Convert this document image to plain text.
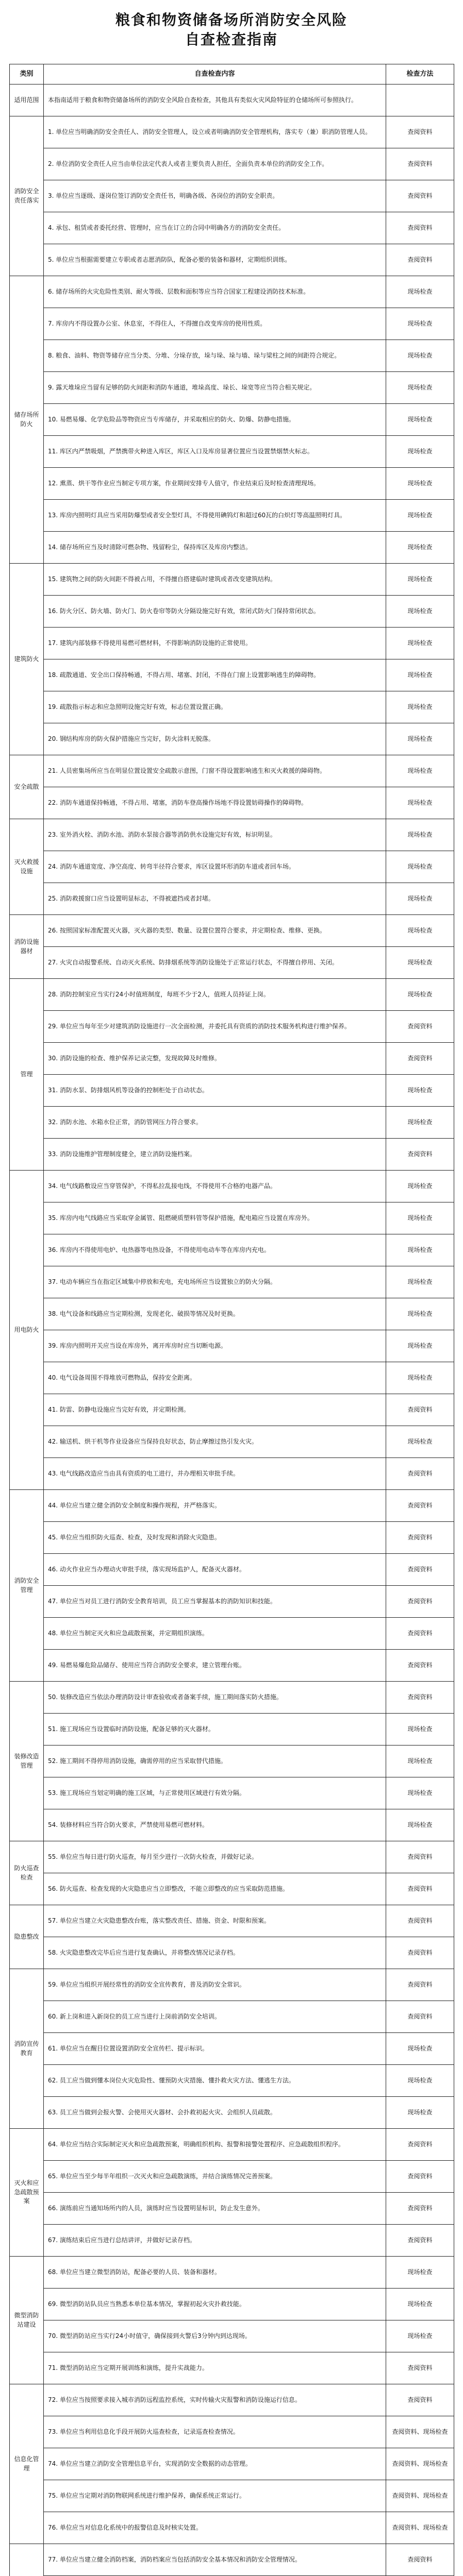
粮食和物资储备场所消防安全风险
自查检查指南
类别	自查检查内容	检查方法
适用范围	本指南适用于粮食和物资储备场所的消防安全风险自查检查，其他具有类似火灾风险特征的仓储场所可参照执行。	
消防安全责任落实	1. 单位应当明确消防安全责任人、消防安全管理人，设立或者明确消防安全管理机构，落实专（兼）职消防管理人员。	查阅资料
	2. 单位消防安全责任人应当由单位法定代表人或者主要负责人担任，全面负责本单位的消防安全工作。	查阅资料
	3. 单位应当逐级、逐岗位签订消防安全责任书，明确各级、各岗位的消防安全职责。	查阅资料
	4. 承包、租赁或者委托经营、管理时，应当在订立的合同中明确各方的消防安全责任。	查阅资料
	5. 单位应当根据需要建立专职或者志愿消防队，配备必要的装备和器材，定期组织训练。	查阅资料
储存场所防火	6. 储存场所的火灾危险性类别、耐火等级、层数和面积等应当符合国家工程建设消防技术标准。	现场检查
	7. 库房内不得设置办公室、休息室，不得住人，不得擅自改变库房的使用性质。	现场检查
	8. 粮食、油料、物资等储存应当分类、分堆、分垛存放，垛与垛、垛与墙、垛与梁柱之间的间距符合规定。	现场检查
	9. 露天堆垛应当留有足够的防火间距和消防车通道，堆垛高度、垛长、垛宽等应当符合相关规定。	现场检查
	10. 易燃易爆、化学危险品等物资应当专库储存，并采取相应的防火、防爆、防静电措施。	现场检查
	11. 库区内严禁吸烟，严禁携带火种进入库区，库区入口及库房显著位置应当设置禁烟禁火标志。	现场检查
	12. 熏蒸、烘干等作业应当制定专项方案，作业期间安排专人值守，作业结束后及时检查清理现场。	现场检查
	13. 库房内照明灯具应当采用防爆型或者安全型灯具，不得使用碘钨灯和超过60瓦的白炽灯等高温照明灯具。	现场检查
	14. 储存场所应当及时清除可燃杂物、残留粉尘，保持库区及库房内整洁。	现场检查
建筑防火	15. 建筑物之间的防火间距不得被占用，不得擅自搭建临时建筑或者改变建筑结构。	现场检查
	16. 防火分区、防火墙、防火门、防火卷帘等防火分隔设施完好有效，常闭式防火门保持常闭状态。	现场检查
	17. 建筑内部装修不得使用易燃可燃材料，不得影响消防设施的正常使用。	现场检查
	18. 疏散通道、安全出口保持畅通，不得占用、堵塞、封闭，不得在门窗上设置影响逃生的障碍物。	现场检查
	19. 疏散指示标志和应急照明设施完好有效，标志位置设置正确。	现场检查
	20. 钢结构库房的防火保护措施应当完好，防火涂料无脱落。	现场检查
安全疏散	21. 人员密集场所应当在明显位置设置安全疏散示意图，门窗不得设置影响逃生和灭火救援的障碍物。	现场检查
	22. 消防车通道保持畅通，不得占用、堵塞，消防车登高操作场地不得设置妨碍操作的障碍物。	现场检查
灭火救援设施	23. 室外消火栓、消防水池、消防水泵接合器等消防供水设施完好有效，标识明显。	现场检查
	24. 消防车通道宽度、净空高度、转弯半径符合要求，库区设置环形消防车道或者回车场。	现场检查
	25. 消防救援窗口应当设置明显标志，不得被遮挡或者封堵。	现场检查
消防设施器材	26. 按照国家标准配置灭火器，灭火器的类型、数量、设置位置符合要求，并定期检查、维修、更换。	现场检查
	27. 火灾自动报警系统、自动灭火系统、防排烟系统等消防设施处于正常运行状态，不得擅自停用、关闭。	现场检查
管理	28. 消防控制室应当实行24小时值班制度，每班不少于2人，值班人员持证上岗。	现场检查
	29. 单位应当每年至少对建筑消防设施进行一次全面检测，并委托具有资质的消防技术服务机构进行维护保养。	查阅资料
	30. 消防设施的检查、维护保养记录完整，发现故障及时维修。	查阅资料
	31. 消防水泵、防排烟风机等设备的控制柜处于自动状态。	现场检查
	32. 消防水池、水箱水位正常，消防管网压力符合要求。	现场检查
	33. 消防设施维护管理制度健全，建立消防设施档案。	查阅资料
用电防火	34. 电气线路敷设应当穿管保护，不得私拉乱接电线，不得使用不合格的电器产品。	现场检查
	35. 库房内电气线路应当采取穿金属管、阻燃硬质塑料管等保护措施，配电箱应当设置在库房外。	现场检查
	36. 库房内不得使用电炉、电热器等电热设备，不得使用电动车等在库房内充电。	现场检查
	37. 电动车辆应当在指定区域集中停放和充电，充电场所应当设置独立的防火分隔。	现场检查
	38. 电气设备和线路应当定期检测，发现老化、破损等情况及时更换。	现场检查
	39. 库房内照明开关应当设在库房外，离开库房时应当切断电源。	现场检查
	40. 电气设备周围不得堆放可燃物品，保持安全距离。	现场检查
	41. 防雷、防静电设施应当完好有效，并定期检测。	查阅资料
	42. 输送机、烘干机等作业设备应当保持良好状态，防止摩擦过热引发火灾。	现场检查
	43. 电气线路改造应当由具有资质的电工进行，并办理相关审批手续。	查阅资料
消防安全管理	44. 单位应当建立健全消防安全制度和操作规程，并严格落实。	查阅资料
	45. 单位应当组织防火巡查、检查，及时发现和消除火灾隐患。	查阅资料
	46. 动火作业应当办理动火审批手续，落实现场监护人，配备灭火器材。	查阅资料
	47. 单位应当对员工进行消防安全教育培训，员工应当掌握基本的消防知识和技能。	查阅资料
	48. 单位应当制定灭火和应急疏散预案，并定期组织演练。	查阅资料
	49. 易燃易爆危险品储存、使用应当符合消防安全要求，建立管理台账。	查阅资料
装修改造管理	50. 装修改造应当依法办理消防设计审查验收或者备案手续，施工期间落实防火措施。	查阅资料
	51. 施工现场应当设置临时消防设施，配备足够的灭火器材。	现场检查
	52. 施工期间不得停用消防设施，确需停用的应当采取替代措施。	现场检查
	53. 施工现场应当划定明确的施工区域，与正常使用区域进行有效分隔。	现场检查
	54. 装修材料应当符合防火要求，严禁使用易燃可燃材料。	现场检查
防火巡查检查	55. 单位应当每日进行防火巡查，每月至少进行一次防火检查，并做好记录。	查阅资料
	56. 防火巡查、检查发现的火灾隐患应当立即整改，不能立即整改的应当采取防范措施。	查阅资料
隐患整改	57. 单位应当建立火灾隐患整改台账，落实整改责任、措施、资金、时限和预案。	查阅资料
	58. 火灾隐患整改完毕后应当进行复查确认，并将整改情况记录存档。	查阅资料
消防宣传教育	59. 单位应当组织开展经常性的消防安全宣传教育，普及消防安全常识。	查阅资料
	60. 新上岗和进入新岗位的员工应当进行上岗前消防安全培训。	查阅资料
	61. 单位应当在醒目位置设置消防安全宣传栏、提示标识。	现场检查
	62. 员工应当做到懂本岗位火灾危险性、懂预防火灾措施、懂扑救火灾方法、懂逃生方法。	现场检查
	63. 员工应当做到会报火警、会使用灭火器材、会扑救初起火灾、会组织人员疏散。	现场检查
灭火和应急疏散预案	64. 单位应当结合实际制定灭火和应急疏散预案，明确组织机构、报警和接警处置程序、应急疏散组织程序。	查阅资料
	65. 单位应当至少每半年组织一次灭火和应急疏散演练，并结合演练情况完善预案。	查阅资料
	66. 演练前应当通知场所内的人员，演练时应当设置明显标识，防止发生意外。	查阅资料
	67. 演练结束后应当进行总结讲评，并做好记录存档。	查阅资料
微型消防站建设	68. 单位应当建立微型消防站，配备必要的人员、装备和器材。	现场检查
	69. 微型消防站队员应当熟悉本单位基本情况，掌握初起火灾扑救技能。	现场检查
	70. 微型消防站应当实行24小时值守，确保接到火警后3分钟内到达现场。	现场检查
	71. 微型消防站应当定期开展训练和演练，提升实战能力。	查阅资料
信息化管理	72. 单位应当按照要求接入城市消防远程监控系统，实时传输火灾报警和消防设施运行信息。	查阅资料
	73. 单位应当利用信息化手段开展防火巡查检查，记录巡查检查情况。	查阅资料、现场检查
	74. 单位应当建立消防安全管理信息平台，实现消防安全数据的动态管理。	查阅资料、现场检查
	75. 单位应当定期对消防物联网系统进行维护保养，确保系统正常运行。	查阅资料、现场检查
	76. 单位应当对信息化系统中的报警信息及时核实处置。	查阅资料、现场检查
	77. 单位应当建立健全消防档案，消防档案应当包括消防安全基本情况和消防安全管理情况。	查阅资料
